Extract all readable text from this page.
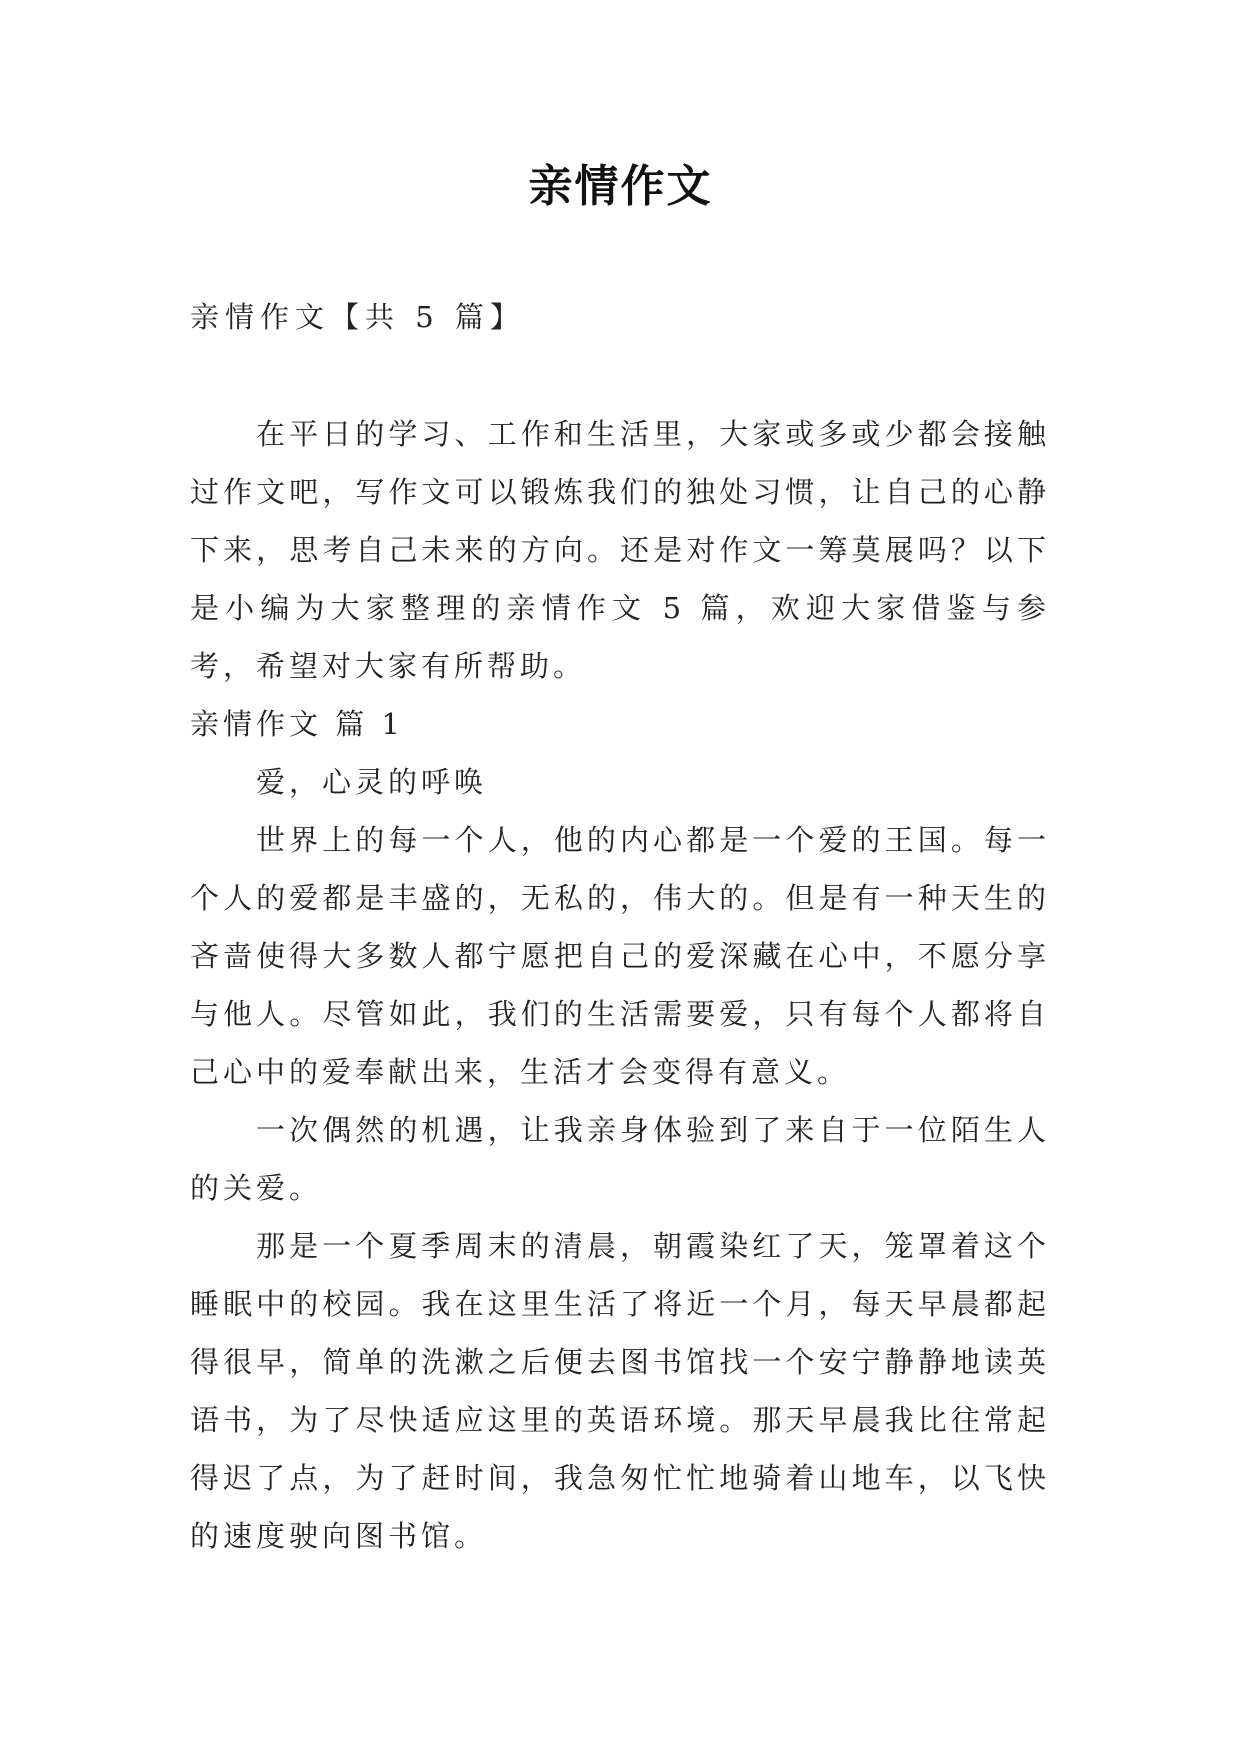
亲情作文
亲情作文【共 5 篇】

在平日的学习、工作和生活里，大家或多或少都会接触过作文吧，写作文可以锻炼我们的独处习惯，让自己的心静下来，思考自己未来的方向。还是对作文一筹莫展吗？以下是小编为大家整理的亲情作文 5 篇，欢迎大家借鉴与参考，希望对大家有所帮助。

亲情作文 篇 1

爱，心灵的呼唤

世界上的每一个人，他的内心都是一个爱的王国。每一个人的爱都是丰盛的，无私的，伟大的。但是有一种天生的吝啬使得大多数人都宁愿把自己的爱深藏在心中，不愿分享与他人。尽管如此，我们的生活需要爱，只有每个人都将自己心中的爱奉献出来，生活才会变得有意义。

一次偶然的机遇，让我亲身体验到了来自于一位陌生人的关爱。

那是一个夏季周末的清晨，朝霞染红了天，笼罩着这个睡眠中的校园。我在这里生活了将近一个月，每天早晨都起得很早，简单的洗漱之后便去图书馆找一个安宁静静地读英语书，为了尽快适应这里的英语环境。那天早晨我比往常起得迟了点，为了赶时间，我急匆忙忙地骑着山地车，以飞快的速度驶向图书馆。
